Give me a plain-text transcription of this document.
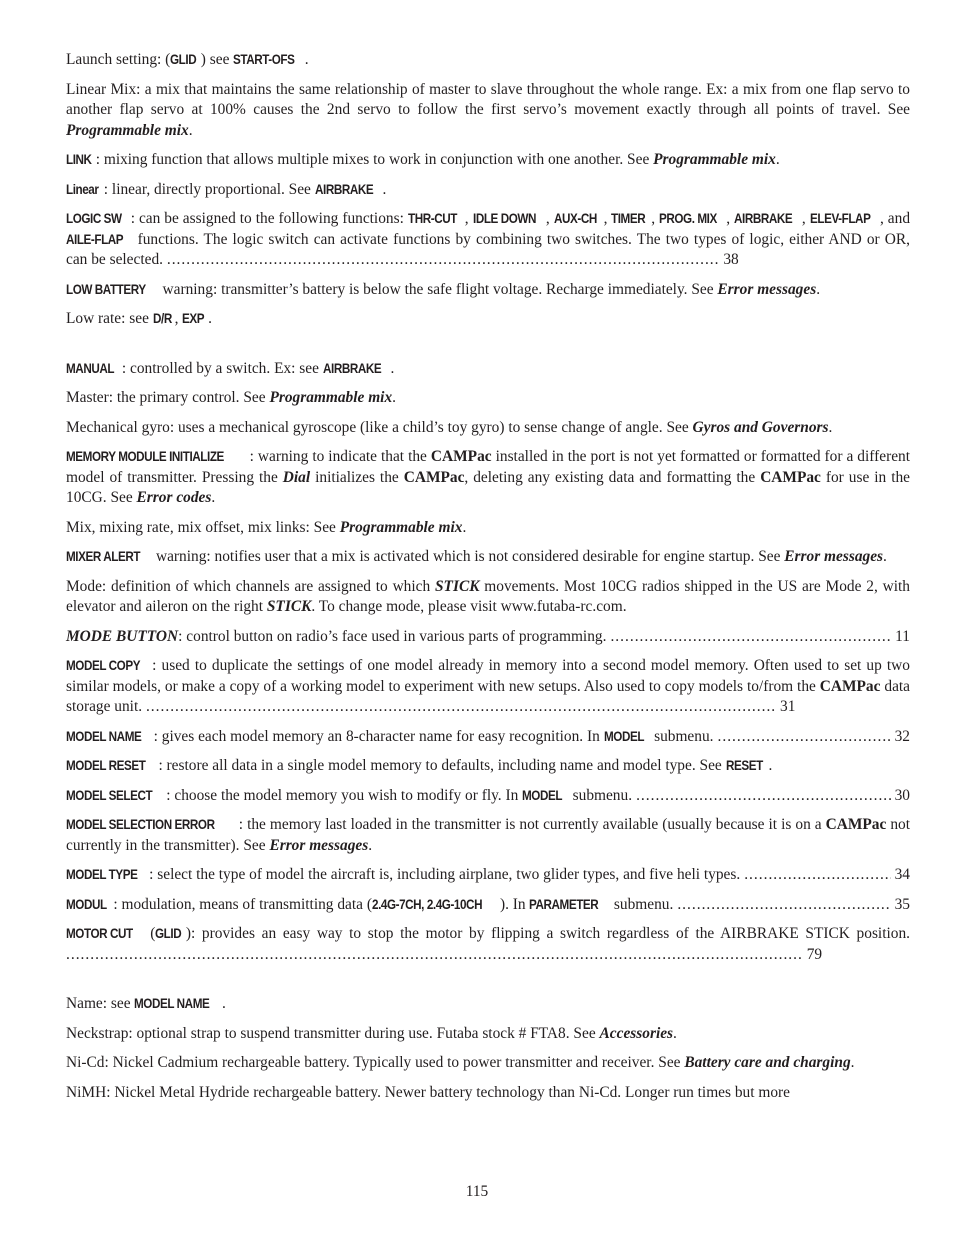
Launch setting: (GLID ) see START-OFS .

Linear Mix: a mix that maintains the same relationship of master to slave throughout the whole range. Ex: a mix from one flap servo to another flap servo at 100% causes the 2nd servo to follow the first servo’s movement exactly through all points of travel. See Programmable mix.

LINK : mixing function that allows multiple mixes to work in conjunction with one another. See Programmable mix.

Linear : linear, directly proportional. See AIRBRAKE .

LOGIC SW : can be assigned to the following functions: THR-CUT , IDLE DOWN , AUX-CH , TIMER , PROG. MIX , AIRBRAKE , ELEV-FLAP , and AILE-FLAP functions. The logic switch can activate functions by combining two switches. The two types of logic, either AND or OR, can be selected. .................................................................................................................. 38

LOW BATTERY warning: transmitter’s battery is below the safe flight voltage. Recharge immediately. See Error messages.

Low rate: see D/R , EXP .

MANUAL : controlled by a switch. Ex: see AIRBRAKE .

Master: the primary control. See Programmable mix.

Mechanical gyro: uses a mechanical gyroscope (like a child’s toy gyro) to sense change of angle. See Gyros and Governors.

MEMORY MODULE INITIALIZE : warning to indicate that the CAMPac installed in the port is not yet formatted or formatted for a different model of transmitter. Pressing the Dial initializes the CAMPac, deleting any existing data and formatting the CAMPac for use in the 10CG. See Error codes.

Mix, mixing rate, mix offset, mix links: See Programmable mix.

MIXER ALERT warning: notifies user that a mix is activated which is not considered desirable for engine startup. See Error messages.

Mode: definition of which channels are assigned to which STICK movements. Most 10CG radios shipped in the US are Mode 2, with elevator and aileron on the right STICK. To change mode, please visit www.futaba-rc.com.

MODE BUTTON: control button on radio’s face used in various parts of programming. .....	11

MODEL COPY : used to duplicate the settings of one model already in memory into a second model memory. Often used to set up two similar models, or make a copy of a working model to experiment with new setups. Also used to copy models to/from the CAMPac data storage unit. .................................................................................................................................. 31

MODEL NAME : gives each model memory an 8-character name for easy recognition. In MODEL submenu. .....	32

MODEL RESET : restore all data in a single model memory to defaults, including name and model type. See RESET .

MODEL SELECT : choose the model memory you wish to modify or fly. In MODEL submenu. .....	30

MODEL SELECTION ERROR : the memory last loaded in the transmitter is not currently available (usually because it is on a CAMPac not currently in the transmitter). See Error messages.

MODEL TYPE : select the type of model the aircraft is, including airplane, two glider types, and five heli types. .....	34

MODUL : modulation, means of transmitting data (2.4G-7CH, 2.4G-10CH ). In PARAMETER submenu. .....	35

MOTOR CUT (GLID ): provides an easy way to stop the motor by flipping a switch regardless of the AIRBRAKE STICK position. ........................................................................................................................................................ 79

Name: see MODEL NAME .

Neckstrap: optional strap to suspend transmitter during use. Futaba stock # FTA8. See Accessories.

Ni-Cd: Nickel Cadmium rechargeable battery. Typically used to power transmitter and receiver. See Battery care and charging.

NiMH: Nickel Metal Hydride rechargeable battery. Newer battery technology than Ni-Cd. Longer run times but more

115
